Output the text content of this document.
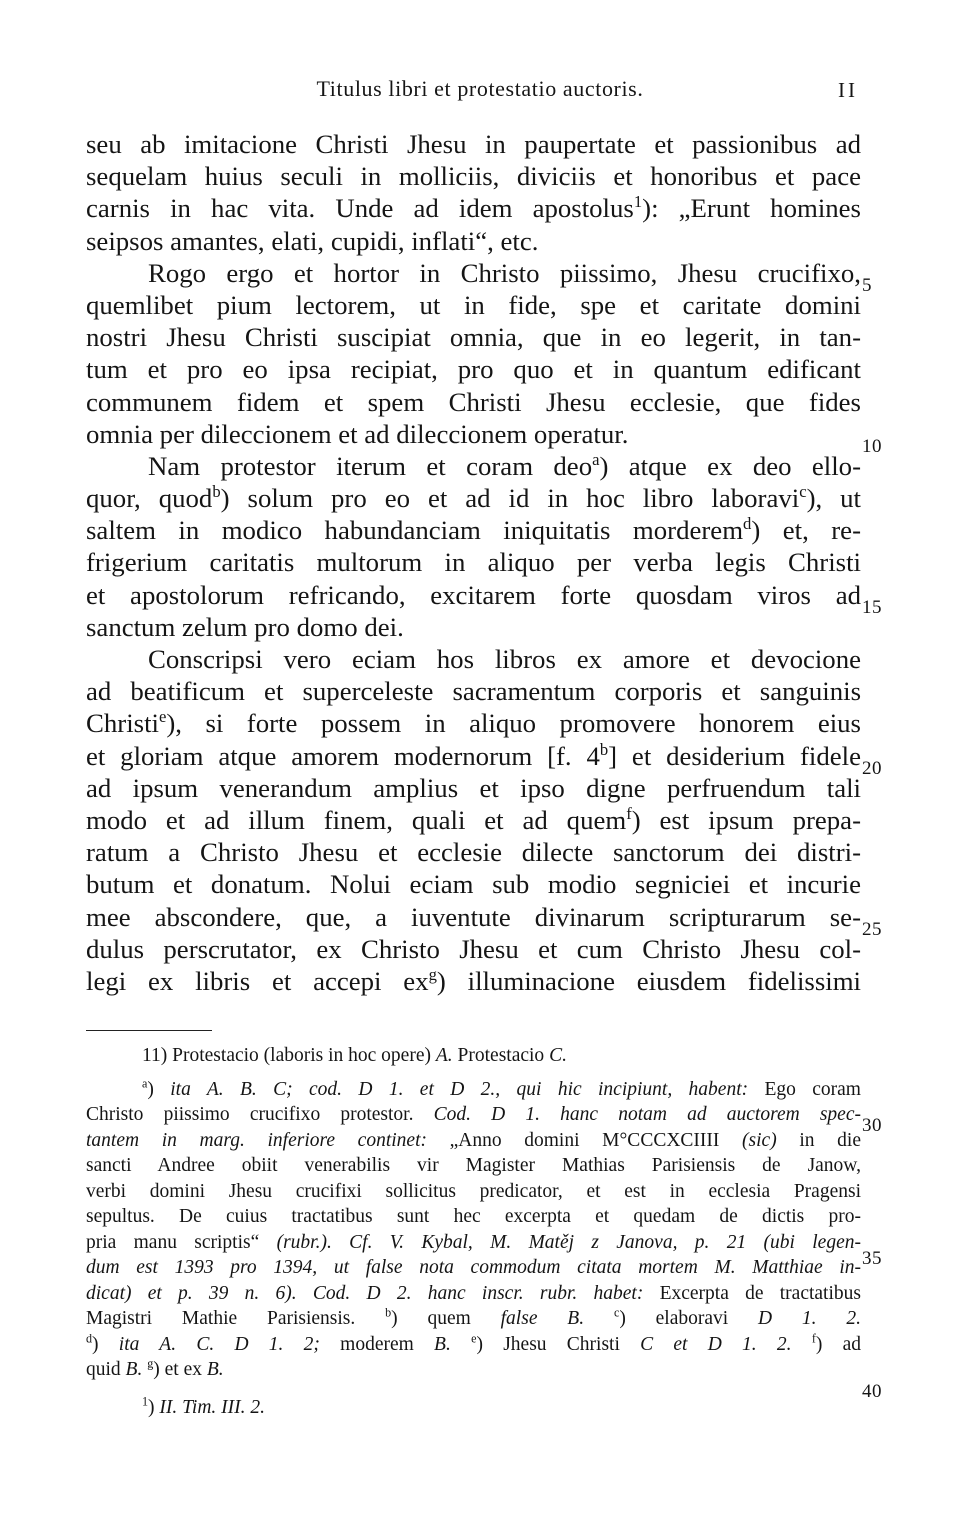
Titulus libri et protestatio auctoris.	II
seu ab imitacione Christi Jhesu in paupertate et passionibus ad
sequelam huius seculi in molliciis, diviciis et honoribus et pace
carnis in hac vita. Unde ad idem apostolus$^1$): „Erunt homines
seipsos amantes, elati, cupidi, inflati“, etc.
Rogo ergo et hortor in Christo piissimo, Jhesu crucifixo,
quemlibet pium lectorem, ut in fide, spe et caritate domini
nostri Jhesu Christi suscipiat omnia, que in eo legerit, in tan-
tum et pro eo ipsa recipiat, pro quo et in quantum edificant
communem fidem et spem Christi Jhesu ecclesie, que fides
omnia per dileccionem et ad dileccionem operatur.
Nam protestor iterum et coram deo$^a$) atque ex deo ello-
quor, quod$^b$) solum pro eo et ad id in hoc libro laboravi$^c$), ut
saltem in modico habundanciam iniquitatis morderem$^d$) et, re-
frigerium caritatis multorum in aliquo per verba legis Christi
et apostolorum refricando, excitarem forte quosdam viros ad
sanctum zelum pro domo dei.
Conscripsi vero eciam hos libros ex amore et devocione
ad beatificum et superceleste sacramentum corporis et sanguinis
Christi$^e$), si forte possem in aliquo promovere honorem eius
et gloriam atque amorem modernorum [f. 4$^b$] et desiderium fidele
ad ipsum venerandum amplius et ipso digne perfruendum tali
modo et ad illum finem, quali et ad quem$^f$) est ipsum prepa-
ratum a Christo Jhesu et ecclesie dilecte sanctorum dei distri-
butum et donatum. Nolui eciam sub modio segniciei et incurie
mee abscondere, que, a iuventute divinarum scripturarum se-
dulus perscrutator, ex Christo Jhesu et cum Christo Jhesu col-
legi ex libris et accepi $ex^g$) illuminacione eiusdem fidelissimi
5
10
15
20
25
30
35
40
11) Protestacio (laboris in hoc opere) A. Protestacio C.
$^a$) ita A. B. C; cod. D 1. et D 2., qui hic incipiunt, habent: Ego coram
Christo piissimo crucifixo protestor. Cod. D 1. hanc notam ad auctorem spec-
tantem in marg. inferiore continet: „Anno domini M°CCCXCIIII (sic) in die
sancti Andree obiit venerabilis vir Magister Mathias Parisiensis de Janow,
verbi domini Jhesu crucifixi sollicitus predicator, et est in ecclesia Pragensi
sepultus. De cuius tractatibus sunt hec excerpta et quedam de dictis pro-
pria manu scriptis“ (rubr.). Cf. V. Kybal, M. Matěj z Janova, p. 21 (ubi legen-
dum est 1393 pro 1394, ut false nota commodum citata mortem M. Matthiae in-
dicat) et p. 39 n. 6). Cod. D 2. hanc inscr. rubr. habet: Excerpta de tractatibus
Magistri Mathie Parisiensis. $^b$) quem false B. $^c$) elaboravi D 1. 2.
$^d$) ita A. C. D 1. 2; moderem B. $^e$) Jhesu Christi C et D 1. 2. $^f$) ad
quid B. $^g$) et ex B.
$^1$) II. Tim. III. 2.
